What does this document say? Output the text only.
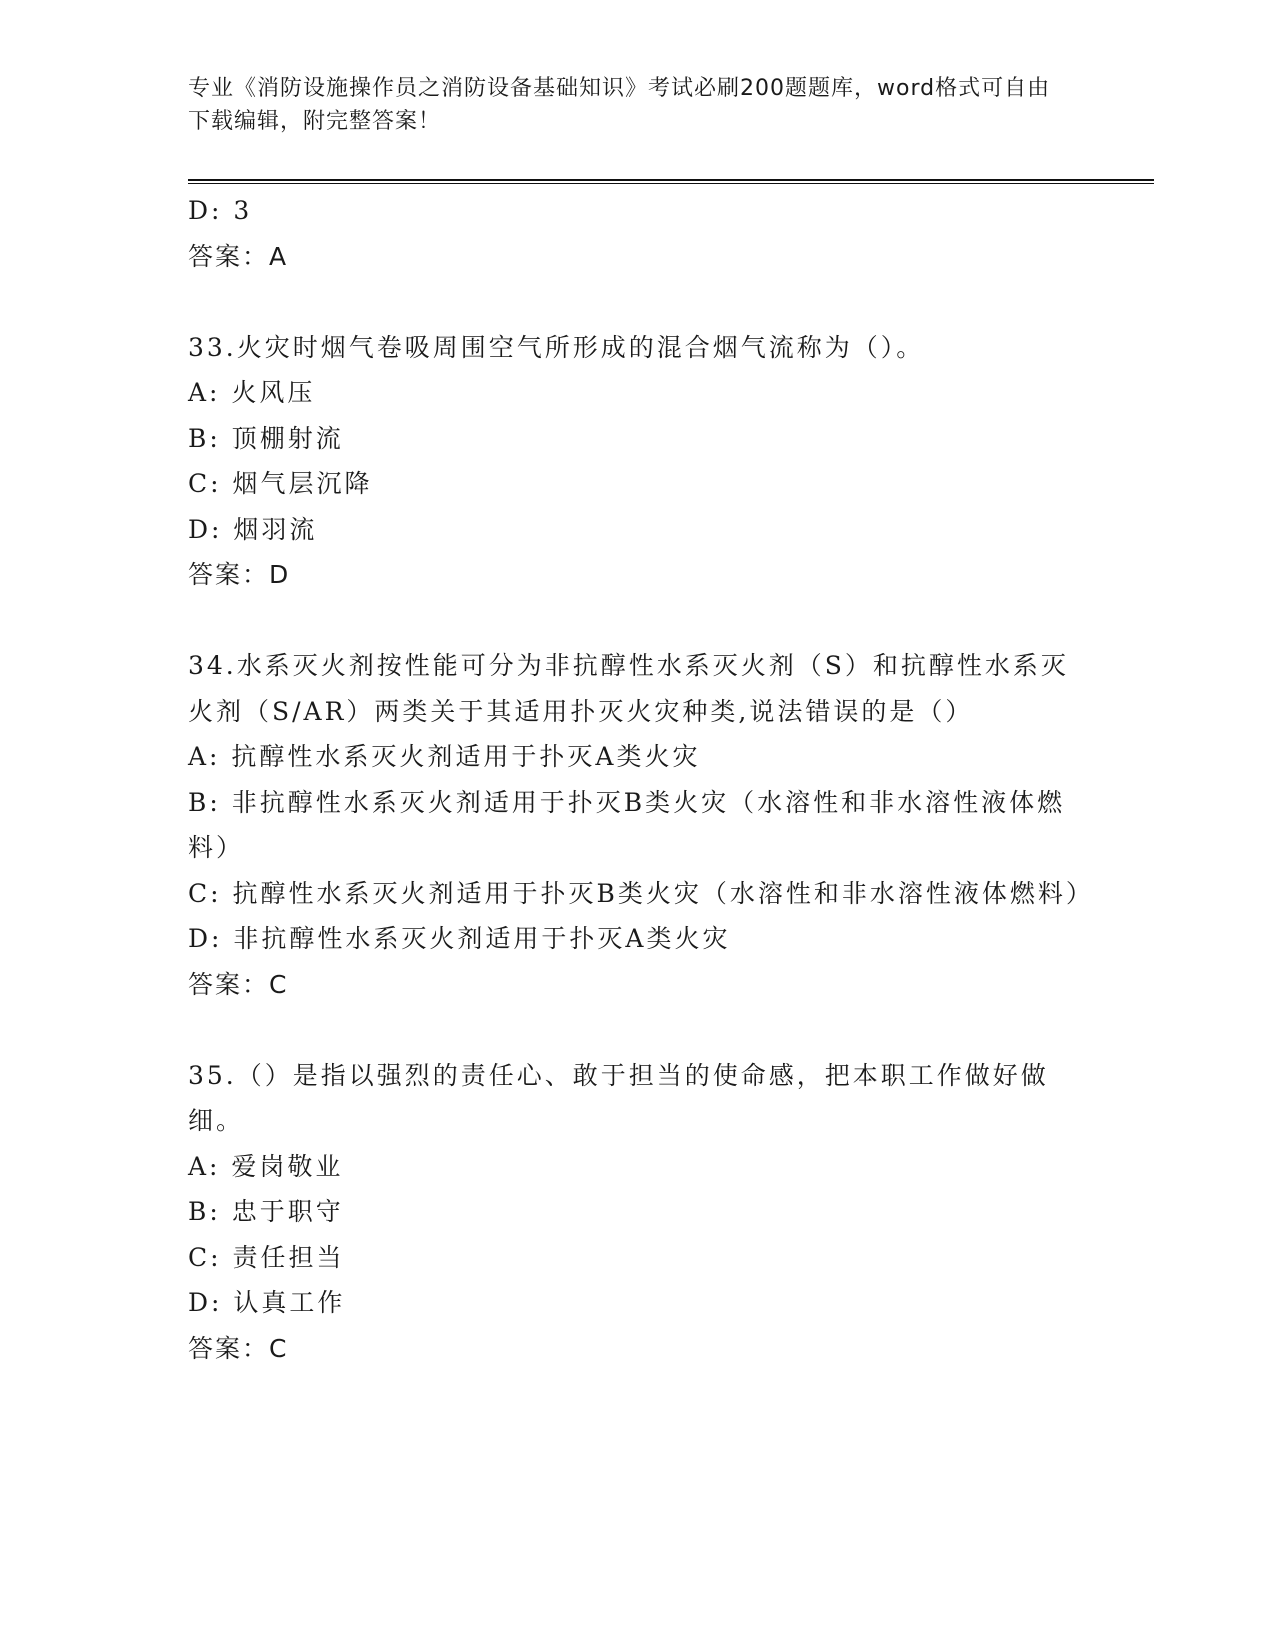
专业《消防设施操作员之消防设备基础知识》考试必刷200题题库，word格式可自由下载编辑，附完整答案！

D: 3

答案：A

33.火灾时烟气卷吸周围空气所形成的混合烟气流称为（）。

A: 火风压

B: 顶棚射流

C: 烟气层沉降

D: 烟羽流

答案：D

34.水系灭火剂按性能可分为非抗醇性水系灭火剂（S）和抗醇性水系灭火剂（S/AR）两类关于其适用扑灭火灾种类,说法错误的是（）

A: 抗醇性水系灭火剂适用于扑灭A类火灾

B: 非抗醇性水系灭火剂适用于扑灭B类火灾（水溶性和非水溶性液体燃料）

C: 抗醇性水系灭火剂适用于扑灭B类火灾（水溶性和非水溶性液体燃料）

D: 非抗醇性水系灭火剂适用于扑灭A类火灾

答案：C

35.（）是指以强烈的责任心、敢于担当的使命感，把本职工作做好做细。

A: 爱岗敬业

B: 忠于职守

C: 责任担当

D: 认真工作

答案：C
